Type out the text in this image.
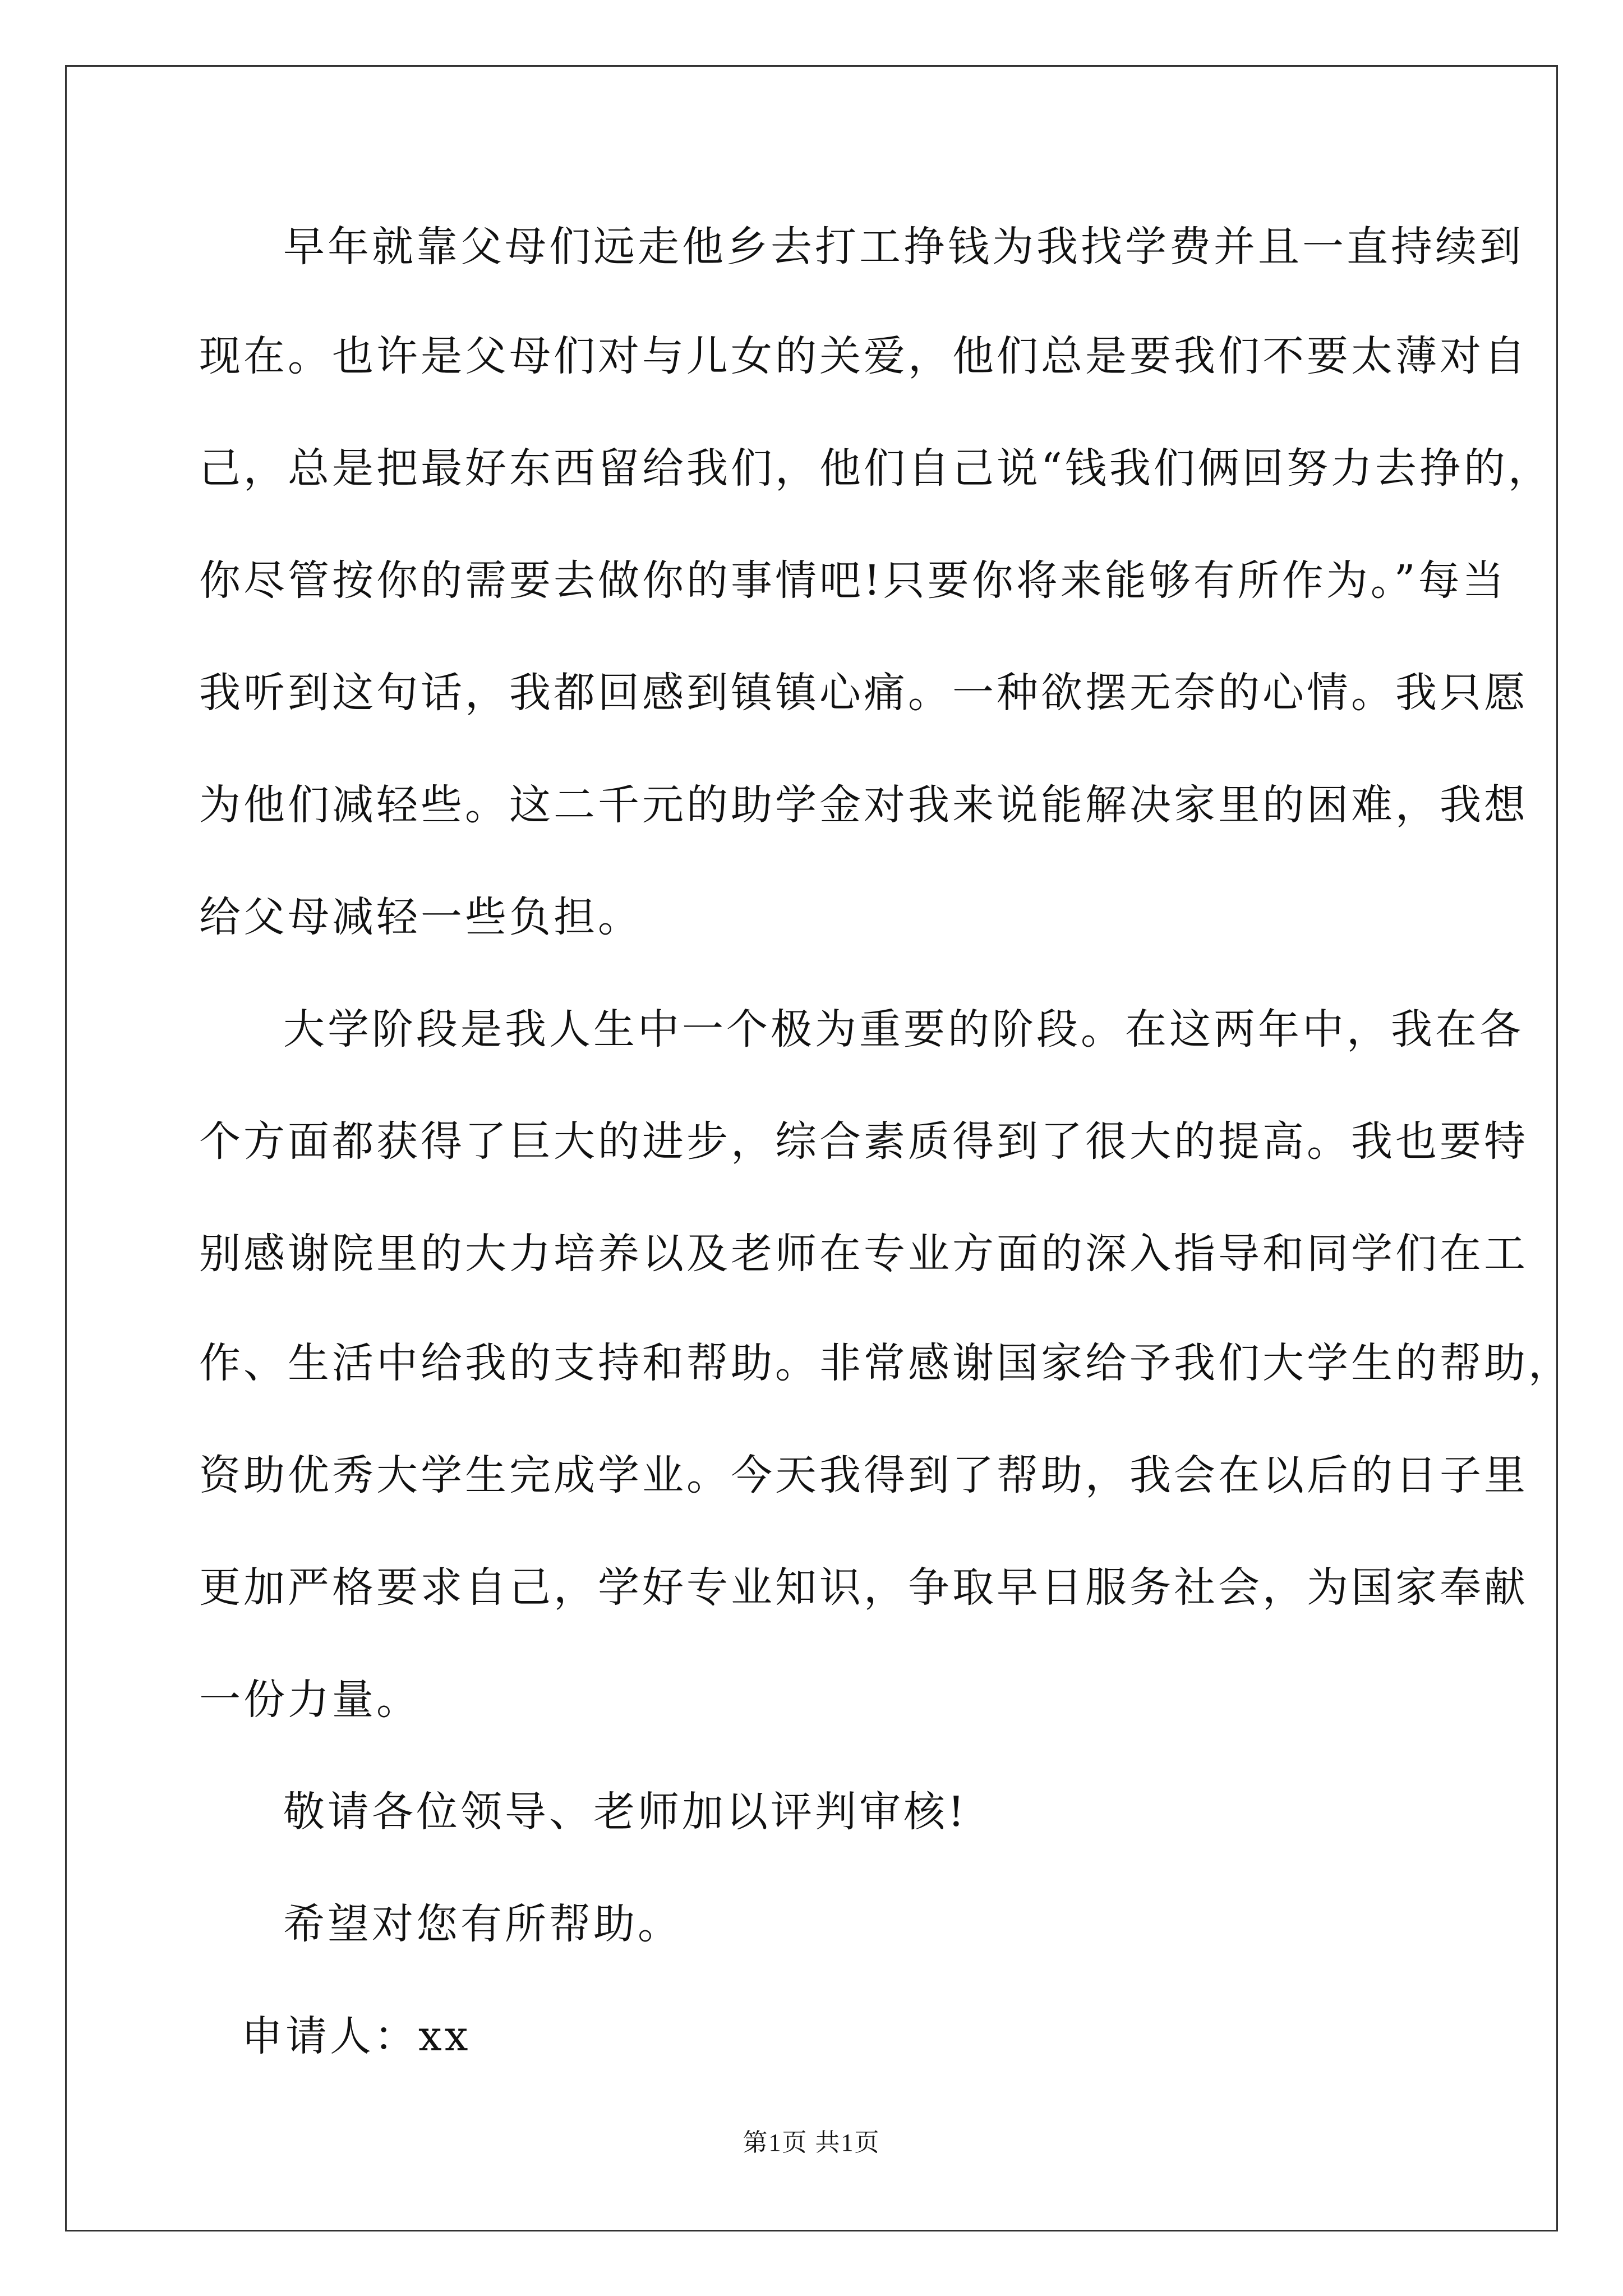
早年就靠父母们远走他乡去打工挣钱为我找学费并且一直持续到
现在。也许是父母们对与儿女的关爱，他们总是要我们不要太薄对自
己，总是把最好东西留给我们，他们自己说“钱我们俩回努力去挣的，
你尽管按你的需要去做你的事情吧!只要你将来能够有所作为。”每当
我听到这句话，我都回感到镇镇心痛。一种欲摆无奈的心情。我只愿
为他们减轻些。这二千元的助学金对我来说能解决家里的困难，我想
给父母减轻一些负担。
大学阶段是我人生中一个极为重要的阶段。在这两年中，我在各
个方面都获得了巨大的进步，综合素质得到了很大的提高。我也要特
别感谢院里的大力培养以及老师在专业方面的深入指导和同学们在工
作、生活中给我的支持和帮助。非常感谢国家给予我们大学生的帮助，
资助优秀大学生完成学业。今天我得到了帮助，我会在以后的日子里
更加严格要求自己，学好专业知识，争取早日服务社会，为国家奉献
一份力量。
敬请各位领导、老师加以评判审核!
希望对您有所帮助。
申请人：xx
第1页 共1页
